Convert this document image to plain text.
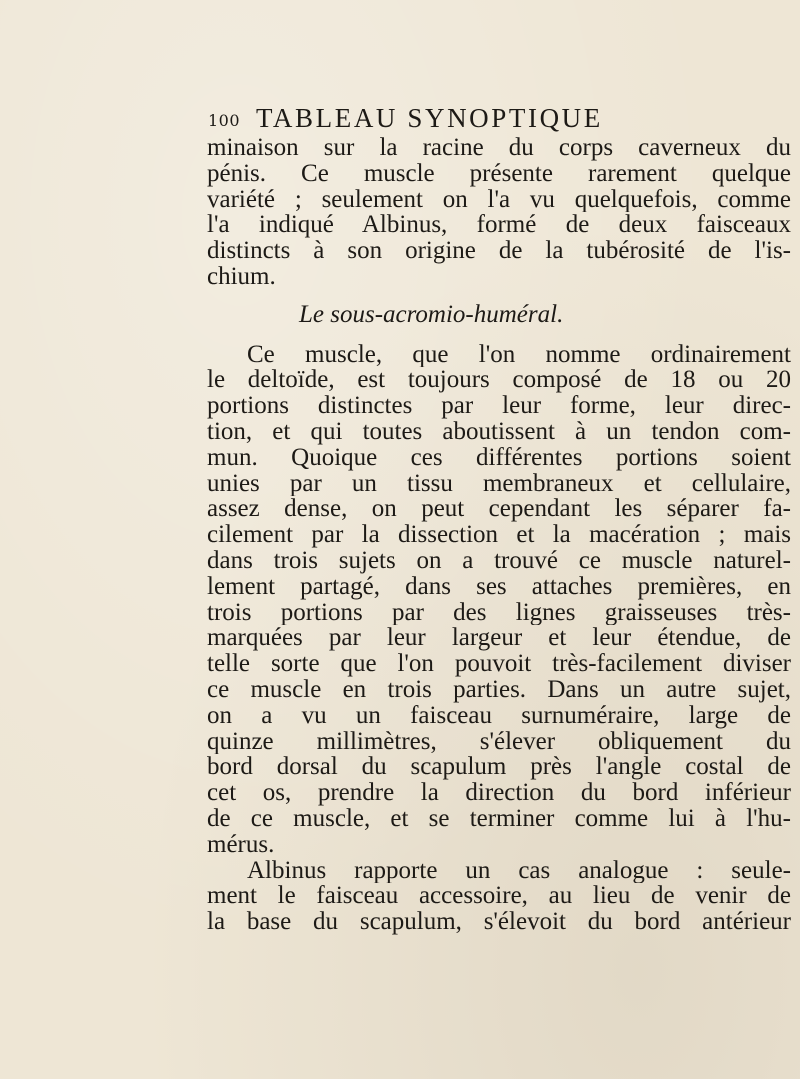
100 TABLEAU SYNOPTIQUE
minaison sur la racine du corps caverneux du
pénis. Ce muscle présente rarement quelque
variété ; seulement on l'a vu quelquefois, comme
l'a indiqué Albinus, formé de deux faisceaux
distincts à son origine de la tubérosité de l'is-
chium.
Le sous-acromio-huméral.
Ce muscle, que l'on nomme ordinairement
le deltoïde, est toujours composé de 18 ou 20
portions distinctes par leur forme, leur direc-
tion, et qui toutes aboutissent à un tendon com-
mun. Quoique ces différentes portions soient
unies par un tissu membraneux et cellulaire,
assez dense, on peut cependant les séparer fa-
cilement par la dissection et la macération ; mais
dans trois sujets on a trouvé ce muscle naturel-
lement partagé, dans ses attaches premières, en
trois portions par des lignes graisseuses très-
marquées par leur largeur et leur étendue, de
telle sorte que l'on pouvoit très-facilement diviser
ce muscle en trois parties. Dans un autre sujet,
on a vu un faisceau surnuméraire, large de
quinze millimètres, s'élever obliquement du
bord dorsal du scapulum près l'angle costal de
cet os, prendre la direction du bord inférieur
de ce muscle, et se terminer comme lui à l'hu-
mérus.
Albinus rapporte un cas analogue : seule-
ment le faisceau accessoire, au lieu de venir de
la base du scapulum, s'élevoit du bord antérieur
